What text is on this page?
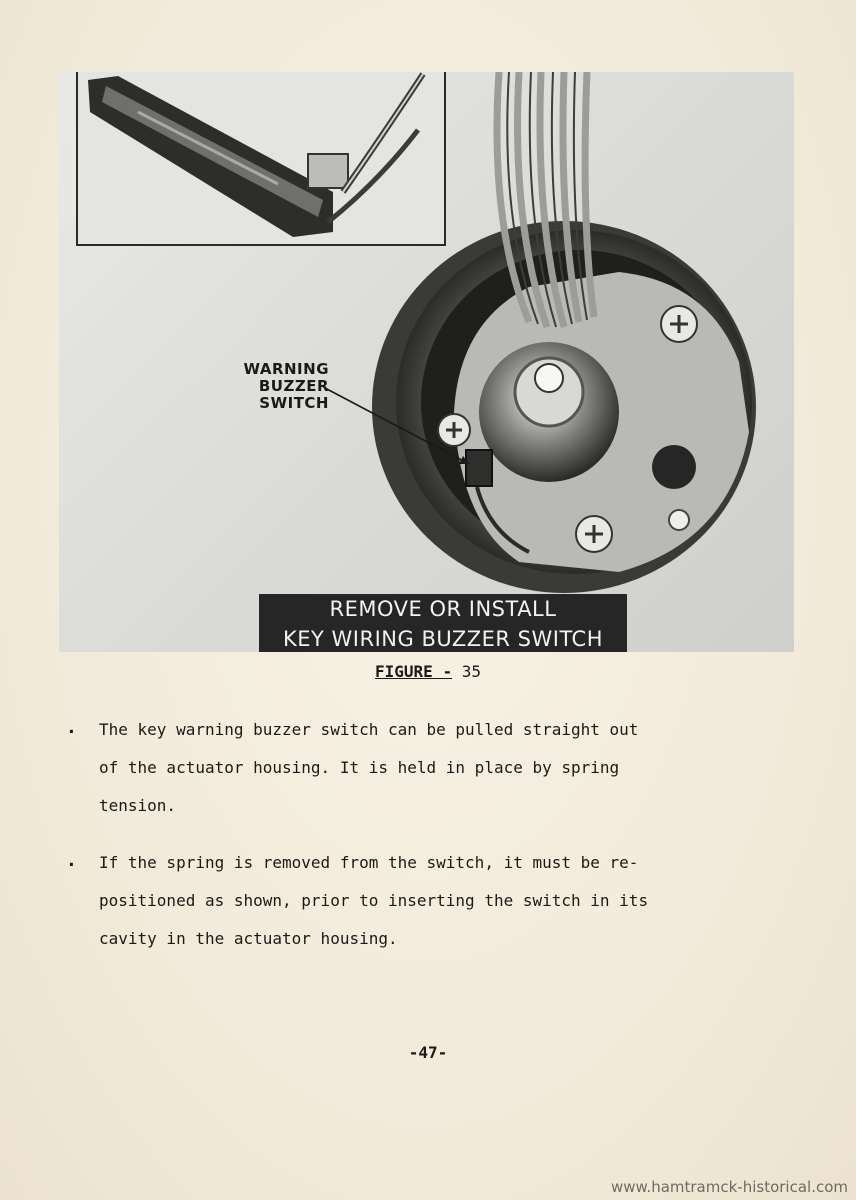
WARNING
BUZZER
SWITCH
REMOVE OR INSTALL
KEY WIRING BUZZER SWITCH
FIGURE - 35
. The key warning buzzer switch can be pulled straight out
of the actuator housing. It is held in place by spring
tension.
. If the spring is removed from the switch, it must be re-
positioned as shown, prior to inserting the switch in its
cavity in the actuator housing.
-47-
www.hamtramck-historical.com
